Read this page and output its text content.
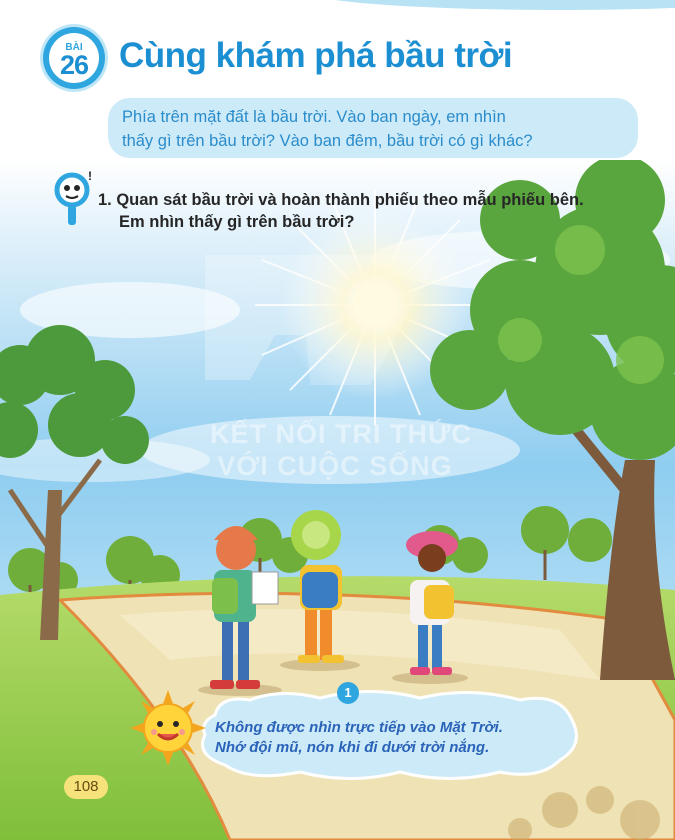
BÀI
26 Cùng khám phá bầu trời
Phía trên mặt đất là bầu trời. Vào ban ngày, em nhìn
thấy gì trên bầu trời? Vào ban đêm, bầu trời có gì khác?
!
1. Quan sát bầu trời và hoàn thành phiếu theo mẫu phiếu bên.
Em nhìn thấy gì trên bầu trời?
KẾT NỐI TRI THỨC
VỚI CUỘC SỐNG
1
Không được nhìn trực tiếp vào Mặt Trời.
Nhớ đội mũ, nón khi đi dưới trời nắng.
108
